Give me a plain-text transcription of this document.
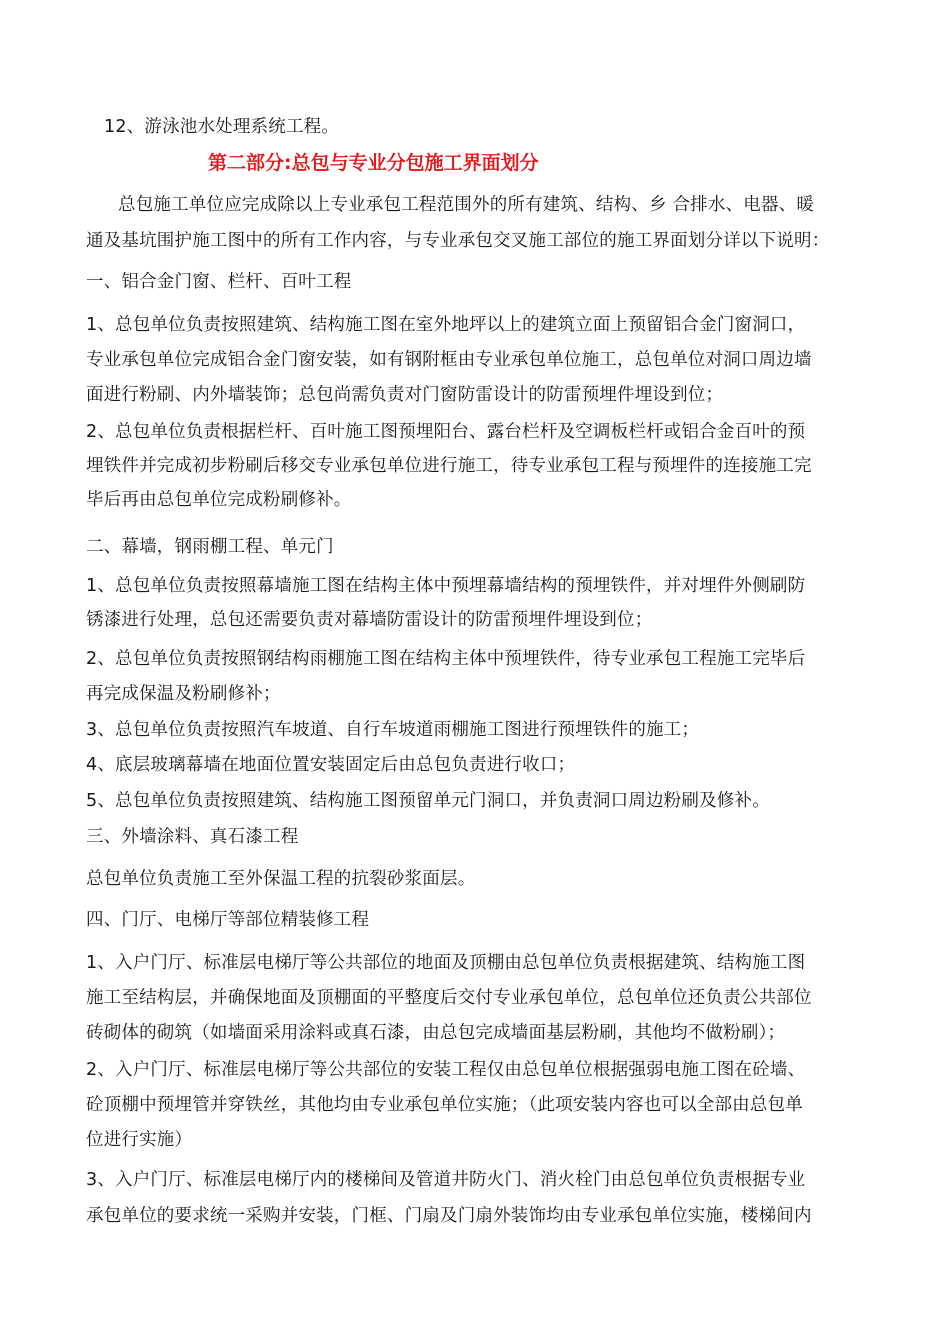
12、游泳池水处理系统工程。
第二部分:总包与专业分包施工界面划分
总包施工单位应完成除以上专业承包工程范围外的所有建筑、结构、乡 合排水、电器、暖
通及基坑围护施工图中的所有工作内容，与专业承包交叉施工部位的施工界面划分详以下说明：
一、铝合金门窗、栏杆、百叶工程
1、总包单位负责按照建筑、结构施工图在室外地坪以上的建筑立面上预留铝合金门窗洞口，
专业承包单位完成铝合金门窗安装，如有钢附框由专业承包单位施工，总包单位对洞口周边墙
面进行粉刷、内外墙装饰；总包尚需负责对门窗防雷设计的防雷预埋件埋设到位；
2、总包单位负责根据栏杆、百叶施工图预埋阳台、露台栏杆及空调板栏杆或铝合金百叶的预
埋铁件并完成初步粉刷后移交专业承包单位进行施工，待专业承包工程与预埋件的连接施工完
毕后再由总包单位完成粉刷修补。
二、幕墙，钢雨棚工程、单元门
1、总包单位负责按照幕墙施工图在结构主体中预埋幕墙结构的预埋铁件，并对埋件外侧刷防
锈漆进行处理，总包还需要负责对幕墙防雷设计的防雷预埋件埋设到位；
2、总包单位负责按照钢结构雨棚施工图在结构主体中预埋铁件，待专业承包工程施工完毕后
再完成保温及粉刷修补；
3、总包单位负责按照汽车坡道、自行车坡道雨棚施工图进行预埋铁件的施工；
4、底层玻璃幕墙在地面位置安装固定后由总包负责进行收口；
5、总包单位负责按照建筑、结构施工图预留单元门洞口，并负责洞口周边粉刷及修补。
三、外墙涂料、真石漆工程
总包单位负责施工至外保温工程的抗裂砂浆面层。
四、门厅、电梯厅等部位精装修工程
1、入户门厅、标准层电梯厅等公共部位的地面及顶棚由总包单位负责根据建筑、结构施工图
施工至结构层，并确保地面及顶棚面的平整度后交付专业承包单位，总包单位还负责公共部位
砖砌体的砌筑（如墙面采用涂料或真石漆，由总包完成墙面基层粉刷，其他均不做粉刷）；
2、入户门厅、标准层电梯厅等公共部位的安装工程仅由总包单位根据强弱电施工图在砼墙、
砼顶棚中预埋管并穿铁丝，其他均由专业承包单位实施；（此项安装内容也可以全部由总包单
位进行实施）
3、入户门厅、标准层电梯厅内的楼梯间及管道井防火门、消火栓门由总包单位负责根据专业
承包单位的要求统一采购并安装，门框、门扇及门扇外装饰均由专业承包单位实施，楼梯间内
